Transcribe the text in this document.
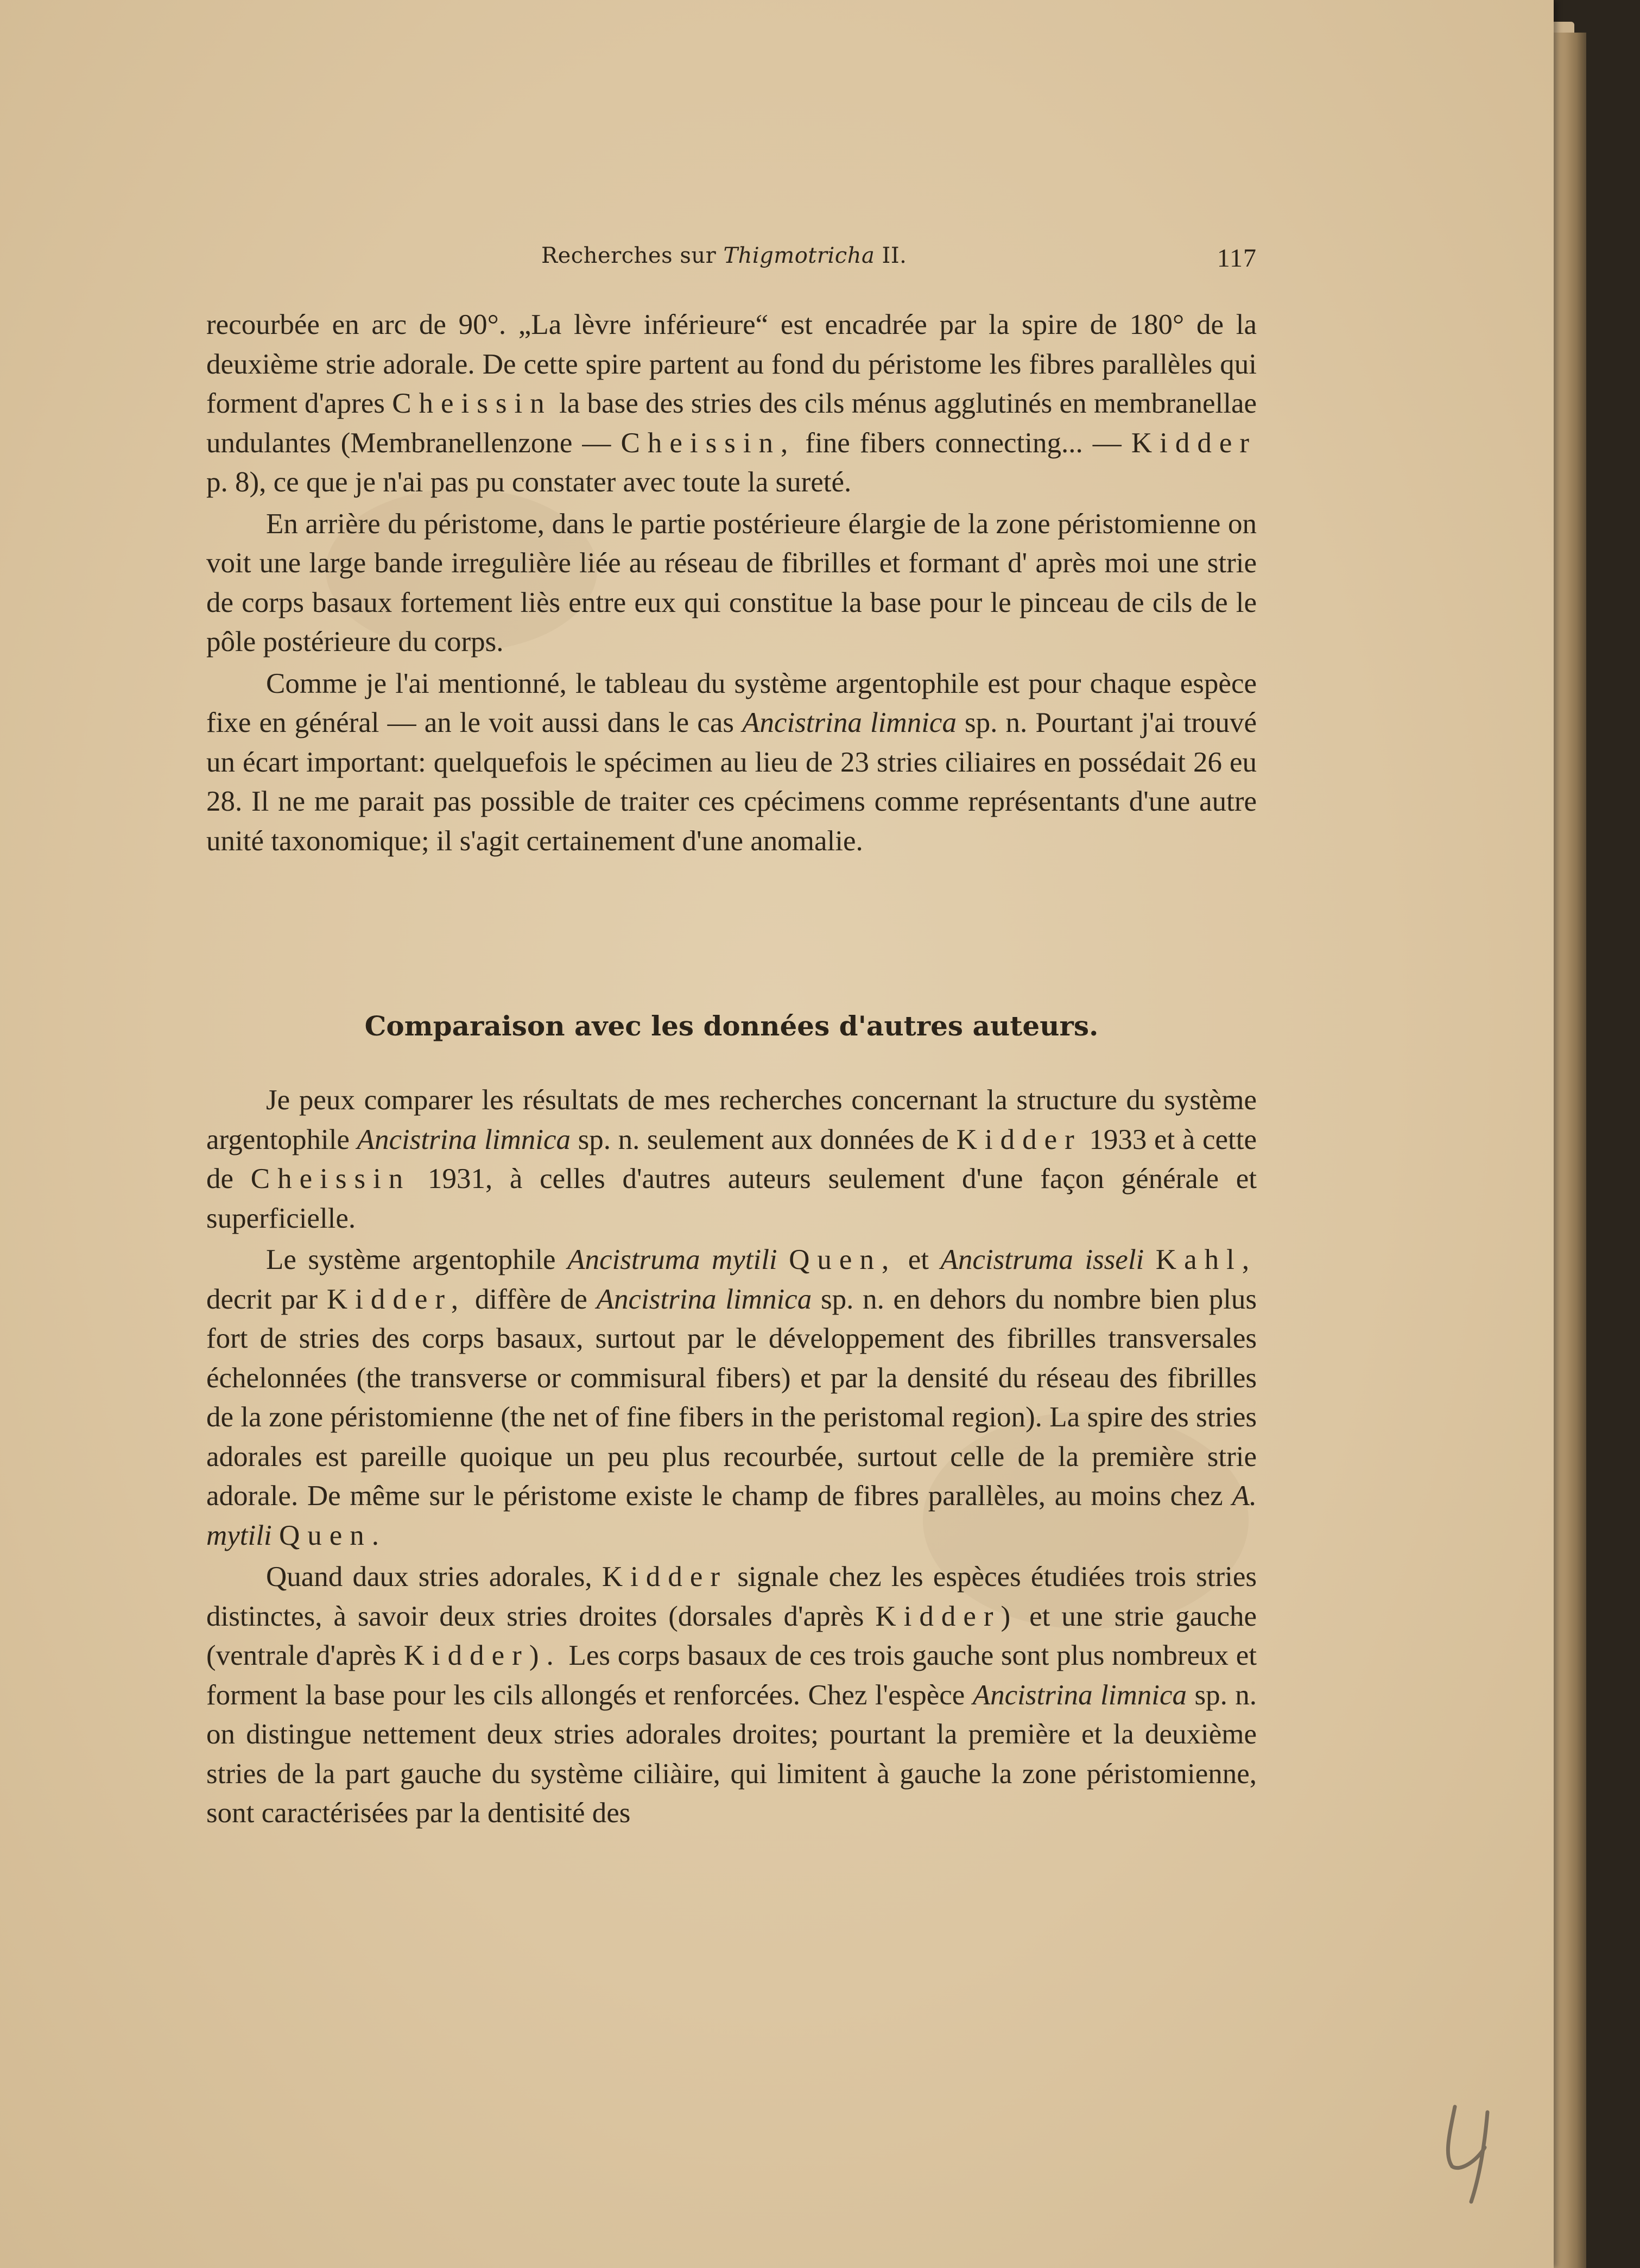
Recherches sur Thigmotricha II.	117

recourbée en arc de 90°. „La lèvre inférieure“ est encadrée par la spire de 180° de la deuxième strie adorale. De cette spire partent au fond du péristome les fibres parallèles qui forment d'apres Cheissin la base des stries des cils ménus agglutinés en membranellae undulantes (Membranellenzone — Cheissin, fine fibers connecting... — Kidder p. 8), ce que je n'ai pas pu constater avec toute la sureté.

En arrière du péristome, dans le partie postérieure élargie de la zone péristomienne on voit une large bande irregulière liée au réseau de fibrilles et formant d' après moi une strie de corps basaux fortement liès entre eux qui constitue la base pour le pinceau de cils de le pôle postérieure du corps.

Comme je l'ai mentionné, le tableau du système argentophile est pour chaque espèce fixe en général — an le voit aussi dans le cas Ancistrina limnica sp. n. Pourtant j'ai trouvé un écart important: quelquefois le spécimen au lieu de 23 stries ciliaires en possédait 26 eu 28. Il ne me parait pas possible de traiter ces cpécimens comme représentants d'une autre unité taxonomique; il s'agit certainement d'une anomalie.

Comparaison avec les données d'autres auteurs.

Je peux comparer les résultats de mes recherches concernant la structure du système argentophile Ancistrina limnica sp. n. seulement aux données de Kidder 1933 et à cette de Cheissin 1931, à celles d'autres auteurs seulement d'une façon générale et superficielle.

Le système argentophile Ancistruma mytili Quen, et Ancistruma isseli Kahl, decrit par Kidder, diffère de Ancistrina limnica sp. n. en dehors du nombre bien plus fort de stries des corps basaux, surtout par le développement des fibrilles transversales échelonnées (the transverse or commisural fibers) et par la densité du réseau des fibrilles de la zone péristomienne (the net of fine fibers in the peristomal region). La spire des stries adorales est pareille quoique un peu plus recourbée, surtout celle de la première strie adorale. De même sur le péristome existe le champ de fibres parallèles, au moins chez A. mytili Quen.

Quand daux stries adorales, Kidder signale chez les espèces étudiées trois stries distinctes, à savoir deux stries droites (dorsales d'après Kidder) et une strie gauche (ventrale d'après Kidder). Les corps basaux de ces trois gauche sont plus nombreux et forment la base pour les cils allongés et renforcées. Chez l'espèce Ancistrina limnica sp. n. on distingue nettement deux stries adorales droites; pourtant la première et la deuxième stries de la part gauche du système ciliàire, qui limitent à gauche la zone péristomienne, sont caractérisées par la dentisité des
